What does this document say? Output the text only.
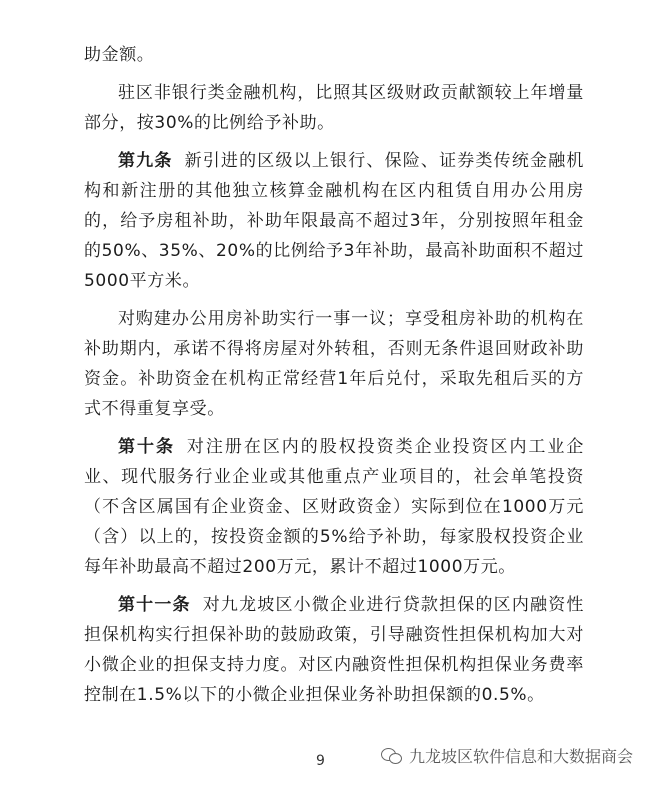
助金额。

驻区非银行类金融机构，比照其区级财政贡献额较上年增量部分，按30%的比例给予补助。

第九条 新引进的区级以上银行、保险、证券类传统金融机构和新注册的其他独立核算金融机构在区内租赁自用办公用房的，给予房租补助，补助年限最高不超过3年，分别按照年租金的50%、35%、20%的比例给予3年补助，最高补助面积不超过5000平方米。

对购建办公用房补助实行一事一议；享受租房补助的机构在补助期内，承诺不得将房屋对外转租，否则无条件退回财政补助资金。补助资金在机构正常经营1年后兑付，采取先租后买的方式不得重复享受。

第十条 对注册在区内的股权投资类企业投资区内工业企业、现代服务行业企业或其他重点产业项目的，社会单笔投资（不含区属国有企业资金、区财政资金）实际到位在1000万元（含）以上的，按投资金额的5%给予补助，每家股权投资企业每年补助最高不超过200万元，累计不超过1000万元。

第十一条 对九龙坡区小微企业进行贷款担保的区内融资性担保机构实行担保补助的鼓励政策，引导融资性担保机构加大对小微企业的担保支持力度。对区内融资性担保机构担保业务费率控制在1.5%以下的小微企业担保业务补助担保额的0.5%。

9	九龙坡区软件信息和大数据商会
